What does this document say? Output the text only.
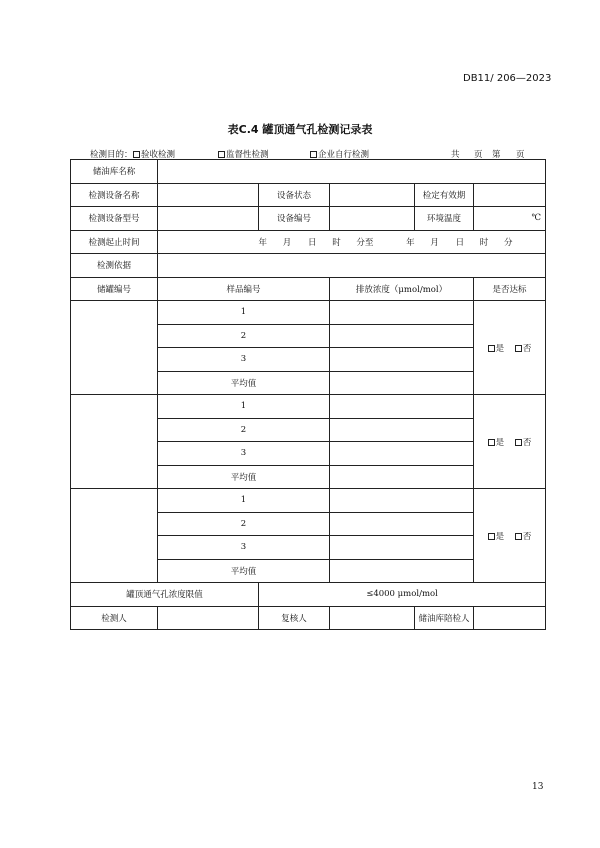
DB11/ 206—2023
表C.4 罐顶通气孔检测记录表
检测目的： 验收检测	监督性检测	企业自行检测	共 页 第 页
储油库名称					
检测设备名称		设备状态		检定有效期	
检测设备型号		设备编号		环境温度	℃
检测起止时间	年 月 日 时 分至 年 月 日 时 分				
检测依据					
储罐编号	样品编号		排放浓度（μmol/mol）		是否达标
	1				是 否
	2				
	3				
	平均值				
	1				是 否
	2				
	3				
	平均值				
	1				是 否
	2				
	3				
	平均值				
罐顶通气孔浓度限值		≤4000 μmol/mol			
检测人		复核人		储油库陪检人	
13
